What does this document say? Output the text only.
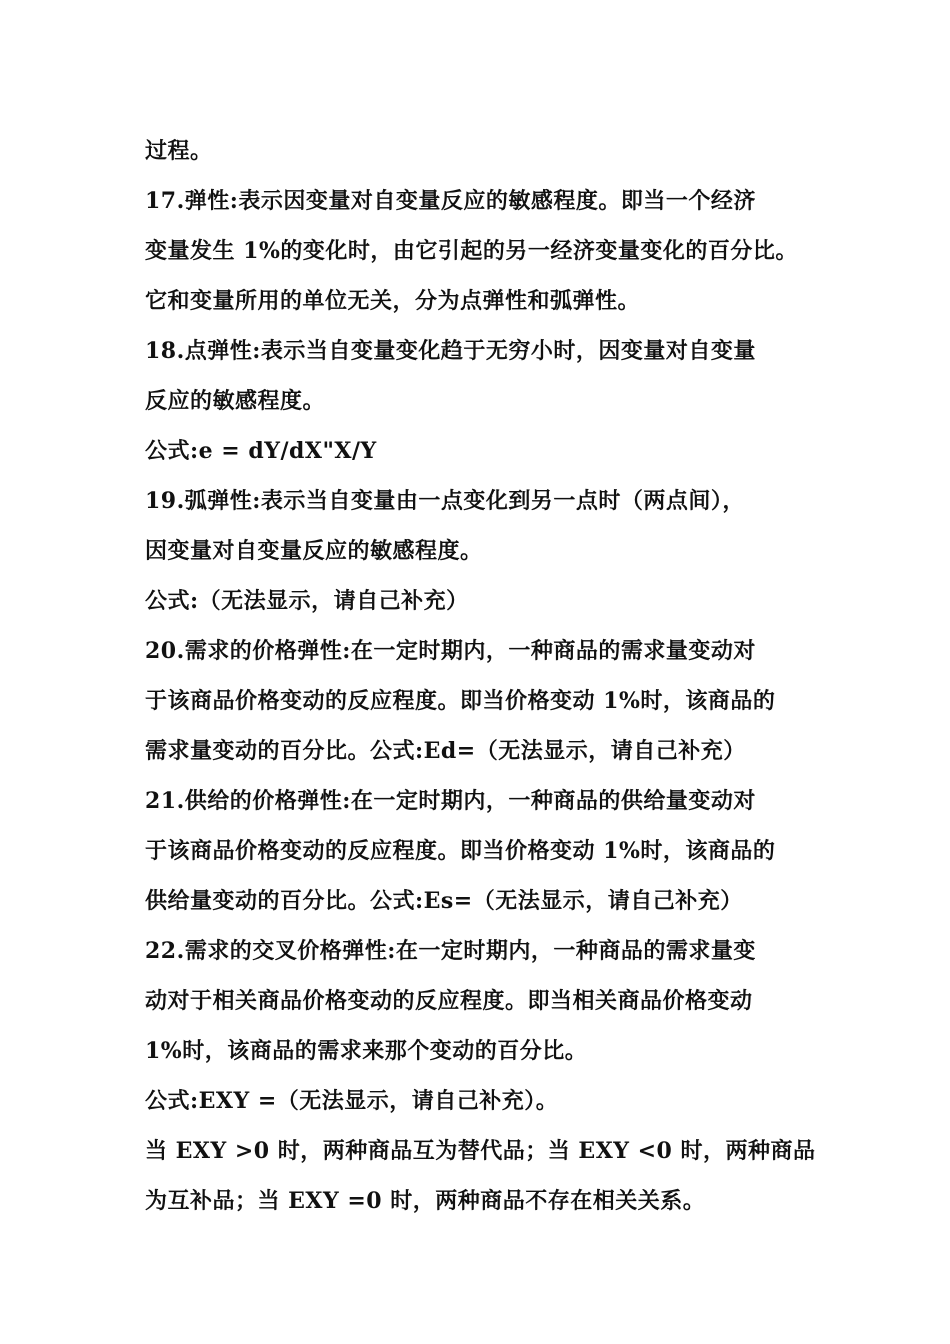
过程。
17.弹性:表示因变量对自变量反应的敏感程度。即当一个经济
变量发生 1%的变化时，由它引起的另一经济变量变化的百分比。
它和变量所用的单位无关，分为点弹性和弧弹性。
18.点弹性:表示当自变量变化趋于无穷小时，因变量对自变量
反应的敏感程度。
公式:e = dY/dX"X/Y
19.弧弹性:表示当自变量由一点变化到另一点时（两点间），
因变量对自变量反应的敏感程度。
公式:（无法显示，请自己补充）
20.需求的价格弹性:在一定时期内，一种商品的需求量变动对
于该商品价格变动的反应程度。即当价格变动 1%时，该商品的
需求量变动的百分比。公式:Ed=（无法显示，请自己补充）
21.供给的价格弹性:在一定时期内，一种商品的供给量变动对
于该商品价格变动的反应程度。即当价格变动 1%时，该商品的
供给量变动的百分比。公式:Es=（无法显示，请自己补充）
22.需求的交叉价格弹性:在一定时期内，一种商品的需求量变
动对于相关商品价格变动的反应程度。即当相关商品价格变动
1%时，该商品的需求来那个变动的百分比。
公式:EXY =（无法显示，请自己补充）。
当 EXY >0 时，两种商品互为替代品；当 EXY <0 时，两种商品
为互补品；当 EXY =0 时，两种商品不存在相关关系。
